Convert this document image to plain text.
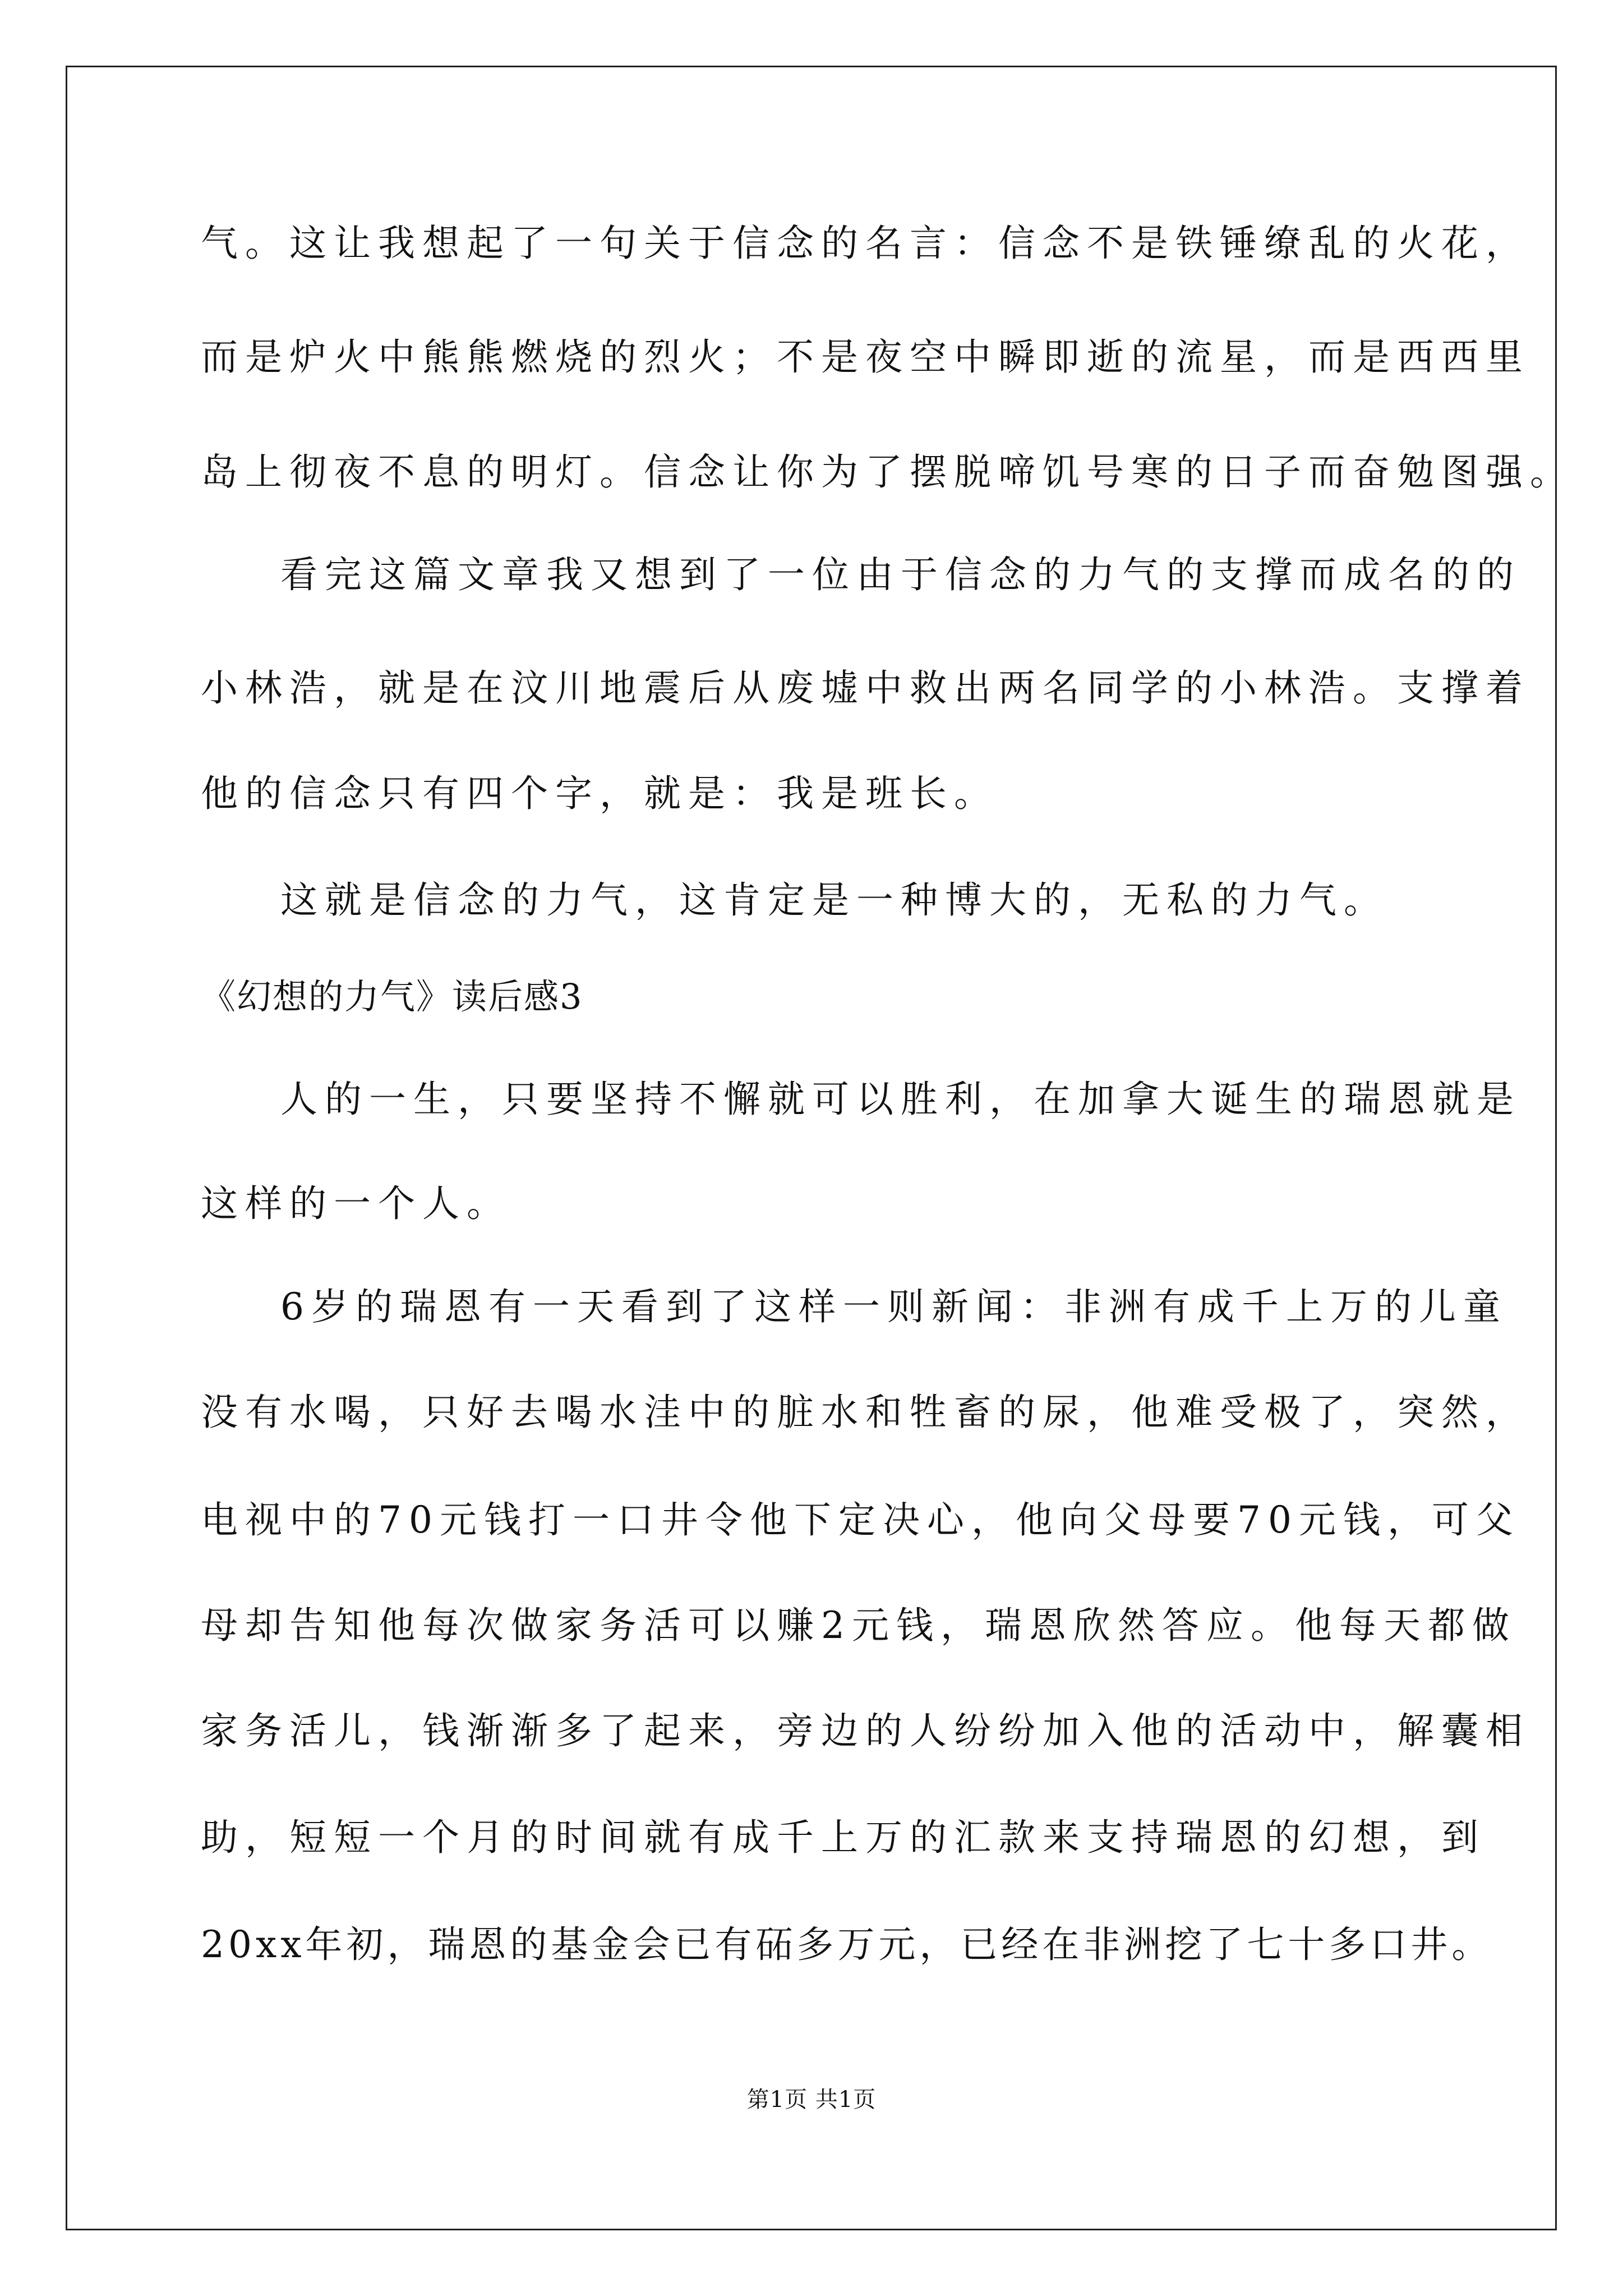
气。这让我想起了一句关于信念的名言：信念不是铁锤缭乱的火花，
而是炉火中熊熊燃烧的烈火；不是夜空中瞬即逝的流星，而是西西里
岛上彻夜不息的明灯。信念让你为了摆脱啼饥号寒的日子而奋勉图强。
看完这篇文章我又想到了一位由于信念的力气的支撑而成名的的
小林浩，就是在汶川地震后从废墟中救出两名同学的小林浩。支撑着
他的信念只有四个字，就是：我是班长。
这就是信念的力气，这肯定是一种博大的，无私的力气。
《幻想的力气》读后感3
人的一生，只要坚持不懈就可以胜利，在加拿大诞生的瑞恩就是
这样的一个人。
6岁的瑞恩有一天看到了这样一则新闻：非洲有成千上万的儿童
没有水喝，只好去喝水洼中的脏水和牲畜的尿，他难受极了，突然，
电视中的70元钱打一口井令他下定决心，他向父母要70元钱，可父
母却告知他每次做家务活可以赚2元钱，瑞恩欣然答应。他每天都做
家务活儿，钱渐渐多了起来，旁边的人纷纷加入他的活动中，解囊相
助，短短一个月的时间就有成千上万的汇款来支持瑞恩的幻想，到
20xx年初，瑞恩的基金会已有砳多万元，已经在非洲挖了七十多口井。
第1页 共1页
